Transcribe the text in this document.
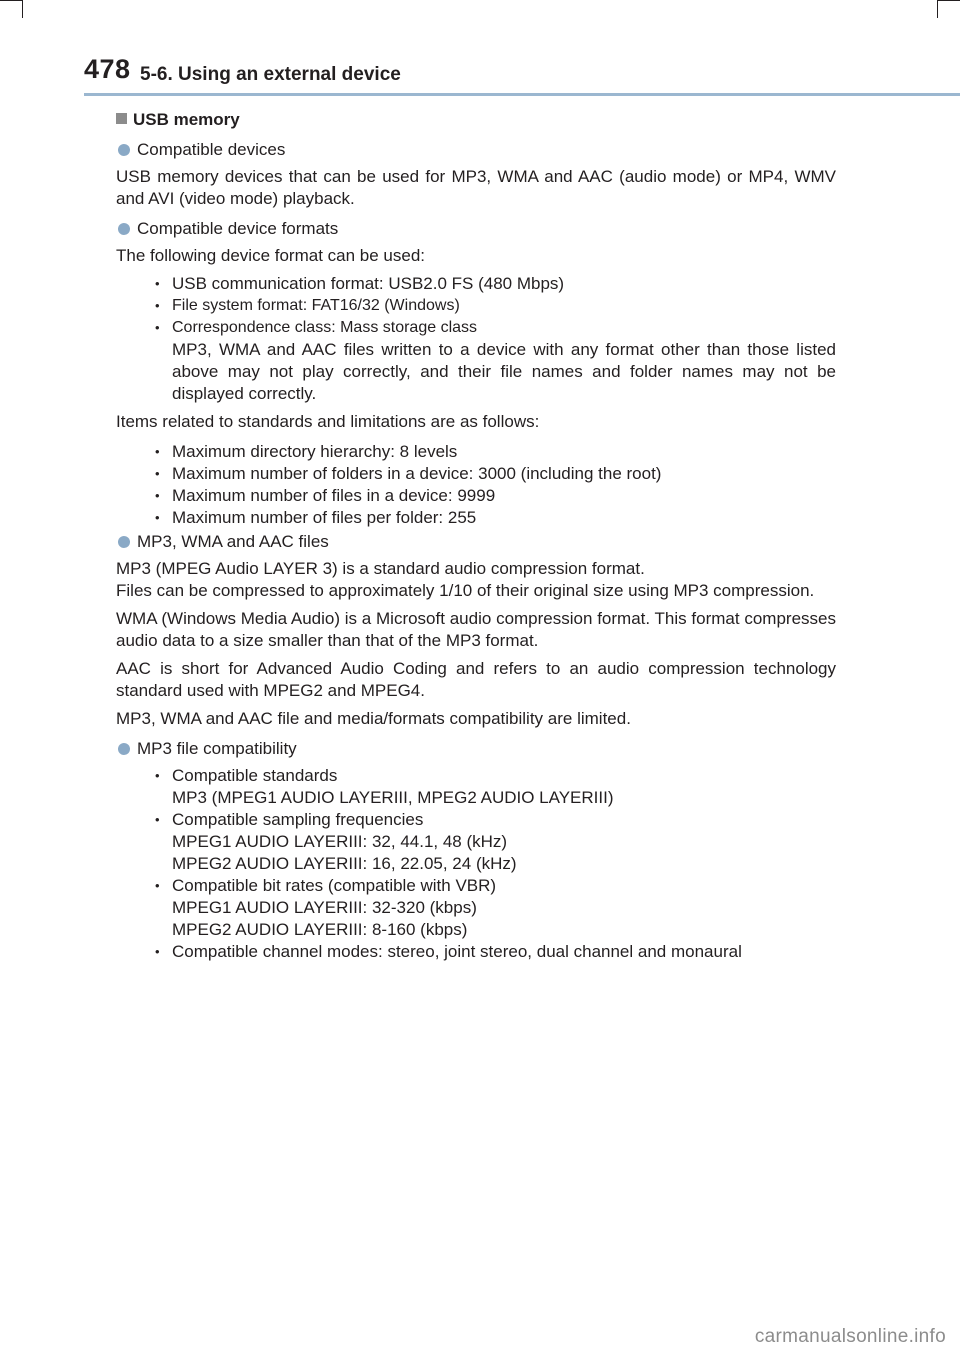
478 5-6. Using an external device
USB memory
Compatible devices
USB memory devices that can be used for MP3, WMA and AAC (audio mode) or MP4, WMV and AVI (video mode) playback.
Compatible device formats
The following device format can be used:
• USB communication format: USB2.0 FS (480 Mbps)
• File system format: FAT16/32 (Windows)
• Correspondence class: Mass storage class
MP3, WMA and AAC files written to a device with any format other than those listed above may not play correctly, and their file names and folder names may not be displayed correctly.
Items related to standards and limitations are as follows:
• Maximum directory hierarchy: 8 levels
• Maximum number of folders in a device: 3000 (including the root)
• Maximum number of files in a device: 9999
• Maximum number of files per folder: 255
MP3, WMA and AAC files
MP3 (MPEG Audio LAYER 3) is a standard audio compression format.
Files can be compressed to approximately 1/10 of their original size using MP3 compression.
WMA (Windows Media Audio) is a Microsoft audio compression format. This format compresses audio data to a size smaller than that of the MP3 format.
AAC is short for Advanced Audio Coding and refers to an audio compression technology standard used with MPEG2 and MPEG4.
MP3, WMA and AAC file and media/formats compatibility are limited.
MP3 file compatibility
• Compatible standards
MP3 (MPEG1 AUDIO LAYERIII, MPEG2 AUDIO LAYERIII)
• Compatible sampling frequencies
MPEG1 AUDIO LAYERIII: 32, 44.1, 48 (kHz)
MPEG2 AUDIO LAYERIII: 16, 22.05, 24 (kHz)
• Compatible bit rates (compatible with VBR)
MPEG1 AUDIO LAYERIII: 32-320 (kbps)
MPEG2 AUDIO LAYERIII: 8-160 (kbps)
• Compatible channel modes: stereo, joint stereo, dual channel and monaural
carmanualsonline.info
